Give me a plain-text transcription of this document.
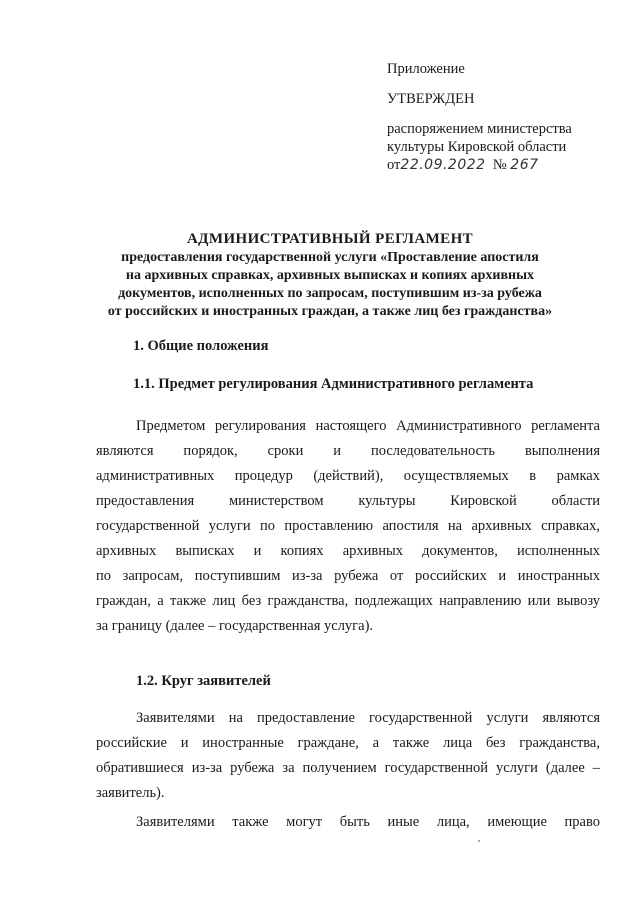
Приложение
УТВЕРЖДЕН
распоряжением министерства
культуры Кировской области
от22.09.2022 № 267
АДМИНИСТРАТИВНЫЙ РЕГЛАМЕНТ
предоставления государственной услуги «Проставление апостиля
на архивных справках, архивных выписках и копиях архивных
документов, исполненных по запросам, поступившим из-за рубежа
от российских и иностранных граждан, а также лиц без гражданства»
1. Общие положения
1.1. Предмет регулирования Административного регламента
Предметом регулирования настоящего Административного регламента
являются порядок, сроки и последовательность выполнения
административных процедур (действий), осуществляемых в рамках
предоставления министерством культуры Кировской области
государственной услуги по проставлению апостиля на архивных справках,
архивных выписках и копиях архивных документов, исполненных
по запросам, поступившим из-за рубежа от российских и иностранных
граждан, а также лиц без гражданства, подлежащих направлению или вывозу
за границу (далее – государственная услуга).
1.2. Круг заявителей
Заявителями на предоставление государственной услуги являются
российские и иностранные граждане, а также лица без гражданства,
обратившиеся из-за рубежа за получением государственной услуги (далее –
заявитель).
Заявителями также могут быть иные лица, имеющие право
